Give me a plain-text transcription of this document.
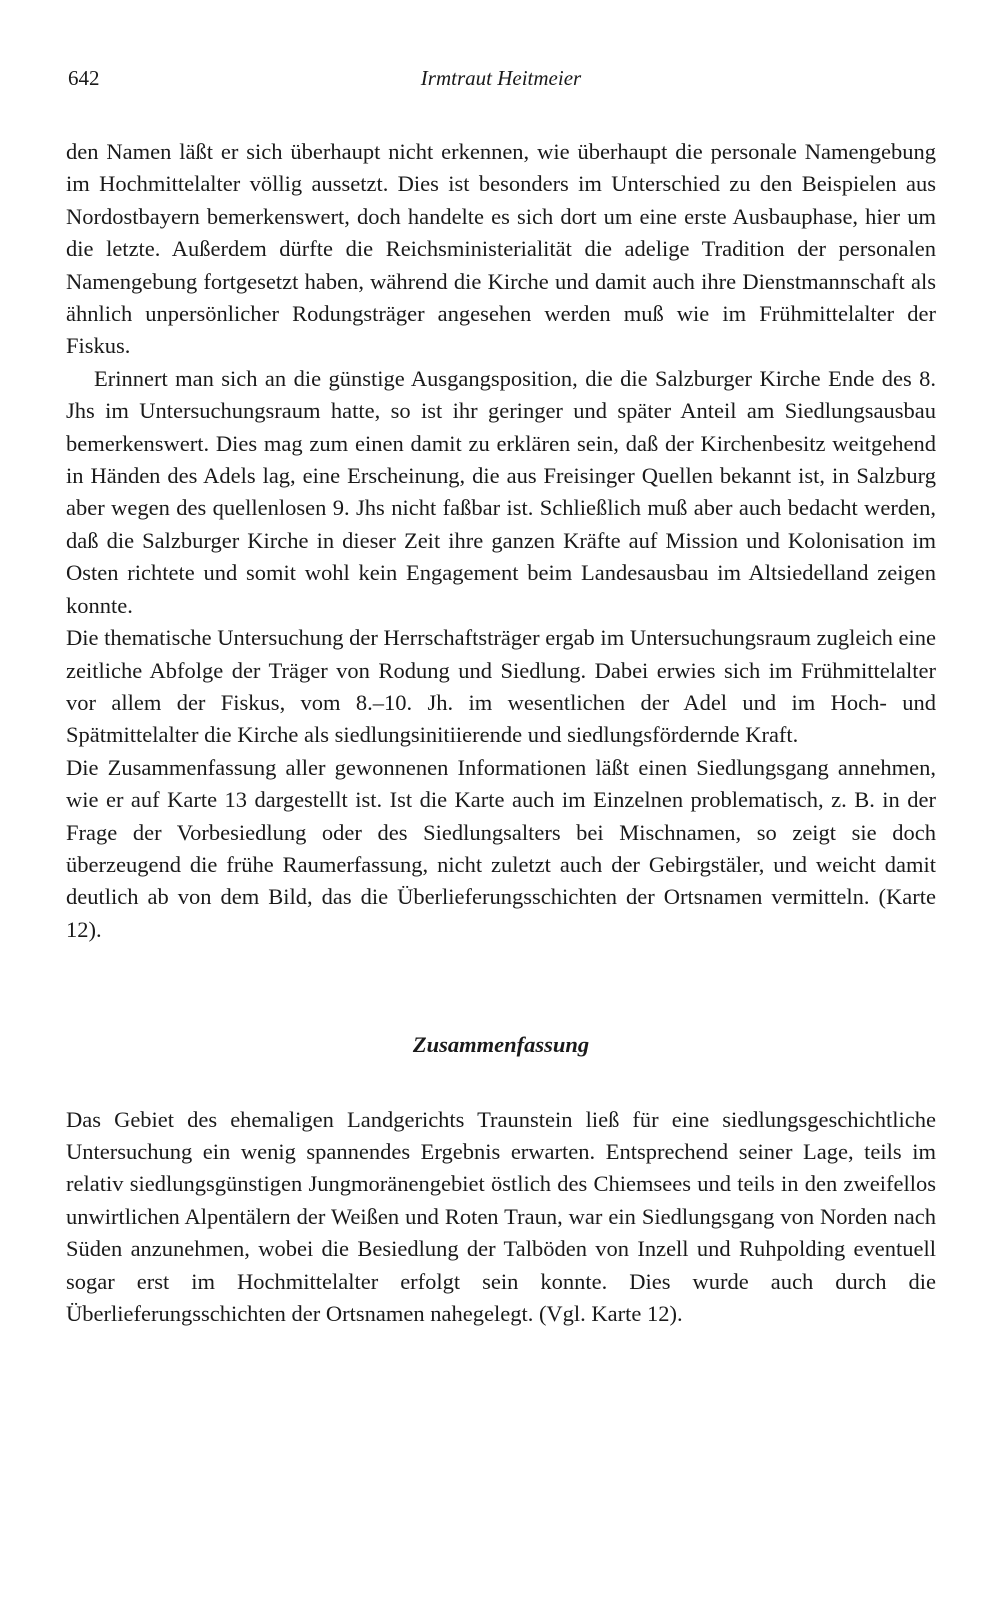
642	Irmtraut Heitmeier

den Namen läßt er sich überhaupt nicht erkennen, wie überhaupt die personale Namengebung im Hochmittelalter völlig aussetzt. Dies ist besonders im Unterschied zu den Beispielen aus Nordostbayern bemerkenswert, doch handelte es sich dort um eine erste Ausbauphase, hier um die letzte. Außerdem dürfte die Reichsministerialität die adelige Tradition der personalen Namengebung fortgesetzt haben, während die Kirche und damit auch ihre Dienstmannschaft als ähnlich unpersönlicher Rodungsträger angesehen werden muß wie im Frühmittelalter der Fiskus.

Erinnert man sich an die günstige Ausgangsposition, die die Salzburger Kirche Ende des 8. Jhs im Untersuchungsraum hatte, so ist ihr geringer und später Anteil am Siedlungsausbau bemerkenswert. Dies mag zum einen damit zu erklären sein, daß der Kirchenbesitz weitgehend in Händen des Adels lag, eine Erscheinung, die aus Freisinger Quellen bekannt ist, in Salzburg aber wegen des quellenlosen 9. Jhs nicht faßbar ist. Schließlich muß aber auch bedacht werden, daß die Salzburger Kirche in dieser Zeit ihre ganzen Kräfte auf Mission und Kolonisation im Osten richtete und somit wohl kein Engagement beim Landesausbau im Altsiedelland zeigen konnte.

Die thematische Untersuchung der Herrschaftsträger ergab im Untersuchungsraum zugleich eine zeitliche Abfolge der Träger von Rodung und Siedlung. Dabei erwies sich im Frühmittelalter vor allem der Fiskus, vom 8.–10. Jh. im wesentlichen der Adel und im Hoch- und Spätmittelalter die Kirche als siedlungsinitiierende und siedlungsfördernde Kraft.

Die Zusammenfassung aller gewonnenen Informationen läßt einen Siedlungsgang annehmen, wie er auf Karte 13 dargestellt ist. Ist die Karte auch im Einzelnen problematisch, z. B. in der Frage der Vorbesiedlung oder des Siedlungsalters bei Mischnamen, so zeigt sie doch überzeugend die frühe Raumerfassung, nicht zuletzt auch der Gebirgstäler, und weicht damit deutlich ab von dem Bild, das die Überlieferungsschichten der Ortsnamen vermitteln. (Karte 12).

Zusammenfassung

Das Gebiet des ehemaligen Landgerichts Traunstein ließ für eine siedlungsgeschichtliche Untersuchung ein wenig spannendes Ergebnis erwarten. Entsprechend seiner Lage, teils im relativ siedlungsgünstigen Jungmoränengebiet östlich des Chiemsees und teils in den zweifellos unwirtlichen Alpentälern der Weißen und Roten Traun, war ein Siedlungsgang von Norden nach Süden anzunehmen, wobei die Besiedlung der Talböden von Inzell und Ruhpolding eventuell sogar erst im Hochmittelalter erfolgt sein konnte. Dies wurde auch durch die Überlieferungsschichten der Ortsnamen nahegelegt. (Vgl. Karte 12).
